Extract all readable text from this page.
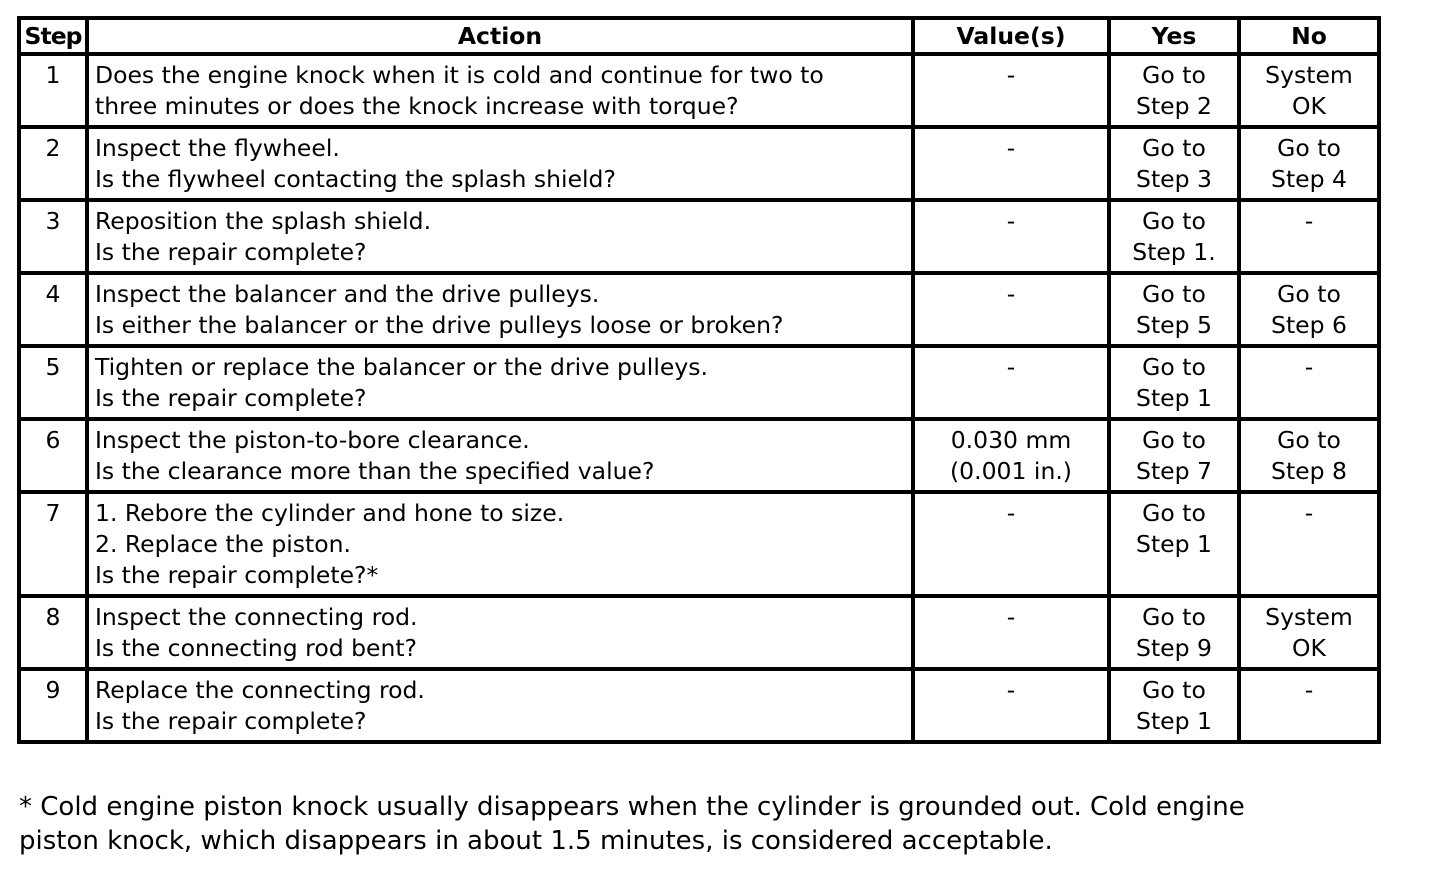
Step	Action	Value(s)	Yes	No
1	Does the engine knock when it is cold and continue for two to
three minutes or does the knock increase with torque?	-	Go to
Step 2	System
OK

2	Inspect the flywheel.
Is the flywheel contacting the splash shield?	-	Go to
Step 3	Go to
Step 4

3	Reposition the splash shield.
Is the repair complete?	-	Go to
Step 1.	-

4	Inspect the balancer and the drive pulleys.
Is either the balancer or the drive pulleys loose or broken?	-	Go to
Step 5	Go to
Step 6

5	Tighten or replace the balancer or the drive pulleys.
Is the repair complete?	-	Go to
Step 1	-

6	Inspect the piston-to-bore clearance.
Is the clearance more than the specified value?	0.030 mm
(0.001 in.)	Go to
Step 7	Go to
Step 8

7	1. Rebore the cylinder and hone to size.
2. Replace the piston.
Is the repair complete?*	-	Go to
Step 1	-

8	Inspect the connecting rod.
Is the connecting rod bent?	-	Go to
Step 9	System
OK

9	Replace the connecting rod.
Is the repair complete?	-	Go to
Step 1	-
* Cold engine piston knock usually disappears when the cylinder is grounded out. Cold engine
piston knock, which disappears in about 1.5 minutes, is considered acceptable.
